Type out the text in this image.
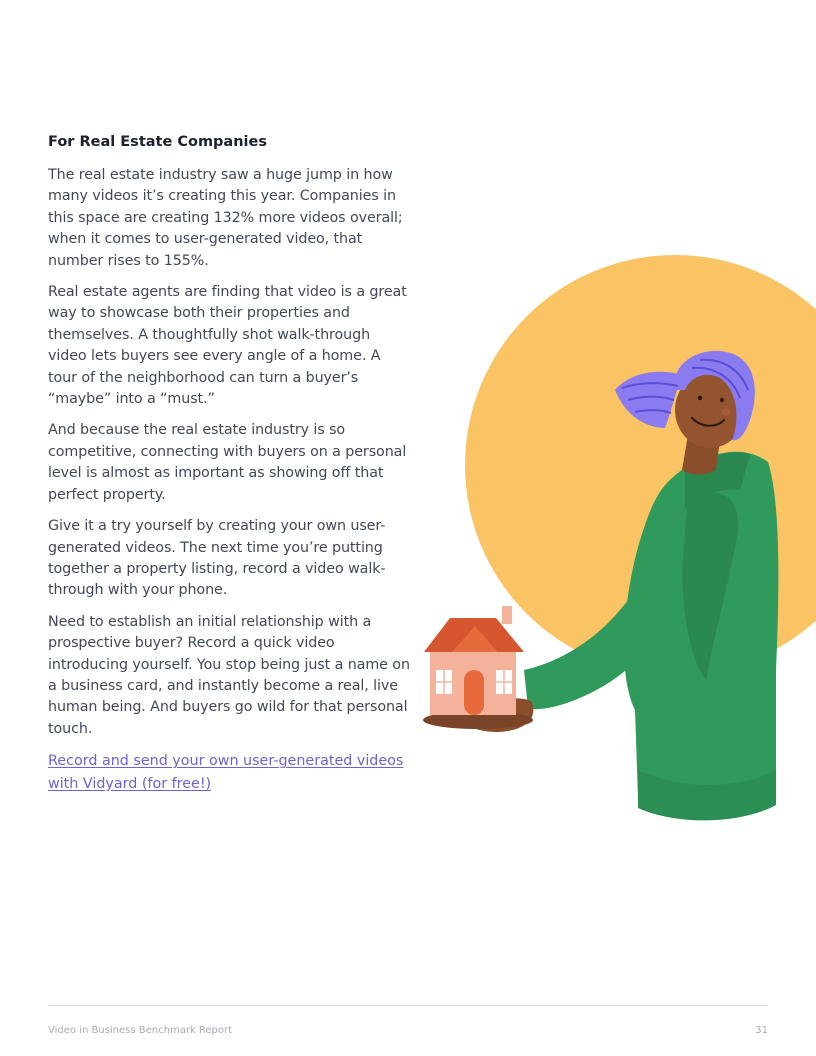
For Real Estate Companies

The real estate industry saw a huge jump in how many videos it’s creating this year. Companies in this space are creating 132% more videos overall; when it comes to user-generated video, that number rises to 155%.

Real estate agents are finding that video is a great way to showcase both their properties and themselves. A thoughtfully shot walk-through video lets buyers see every angle of a home. A tour of the neighborhood can turn a buyer’s “maybe” into a “must.”

And because the real estate industry is so competitive, connecting with buyers on a personal level is almost as important as showing off that perfect property.

Give it a try yourself by creating your own user-generated videos. The next time you’re putting together a property listing, record a video walk-through with your phone.

Need to establish an initial relationship with a prospective buyer? Record a quick video introducing yourself. You stop being just a name on a business card, and instantly become a real, live human being. And buyers go wild for that personal touch.

Record and send your own user-generated videos with Vidyard (for free!)
Video in Business Benchmark Report	31
